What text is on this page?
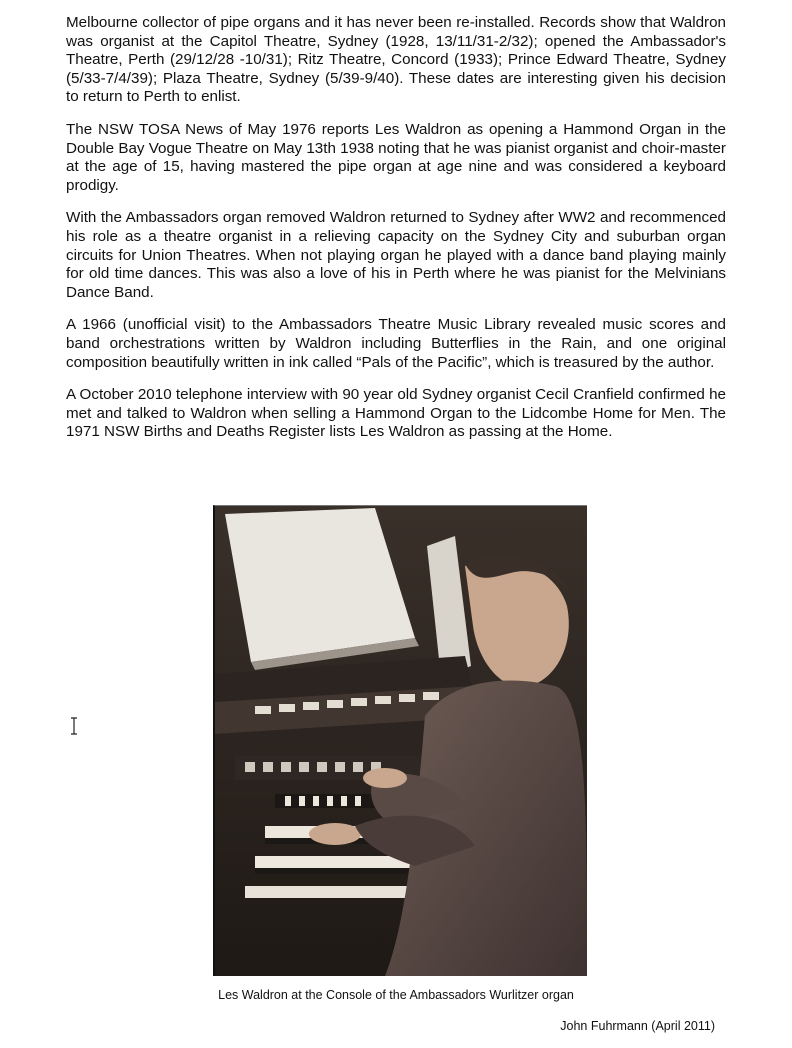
Melbourne collector of pipe organs and it has never been re-installed. Records show that Waldron was organist at the Capitol Theatre, Sydney (1928, 13/11/31-2/32); opened the Ambassador's Theatre, Perth (29/12/28 -10/31); Ritz Theatre, Concord (1933); Prince Edward Theatre, Sydney (5/33-7/4/39); Plaza Theatre, Sydney (5/39-9/40). These dates are interesting given his decision to return to Perth to enlist.

The NSW TOSA News of May 1976 reports Les Waldron as opening a Hammond Organ in the Double Bay Vogue Theatre on May 13th 1938 noting that he was pianist organist and choir-master at the age of 15, having mastered the pipe organ at age nine and was considered a keyboard prodigy.

With the Ambassadors organ removed Waldron returned to Sydney after WW2 and recommenced his role as a theatre organist in a relieving capacity on the Sydney City and suburban organ circuits for Union Theatres. When not playing organ he played with a dance band playing mainly for old time dances. This was also a love of his in Perth where he was pianist for the Melvinians Dance Band.

A 1966 (unofficial visit) to the Ambassadors Theatre Music Library revealed music scores and band orchestrations written by Waldron including Butterflies in the Rain, and one original composition beautifully written in ink called “Pals of the Pacific”, which is treasured by the author.

A October 2010 telephone interview with 90 year old Sydney organist Cecil Cranfield confirmed he met and talked to Waldron when selling a Hammond Organ to the Lidcombe Home for Men. The 1971 NSW Births and Deaths Register lists Les Waldron as passing at the Home.

Les Waldron at the Console of the Ambassadors Wurlitzer organ
John Fuhrmann (April 2011)
